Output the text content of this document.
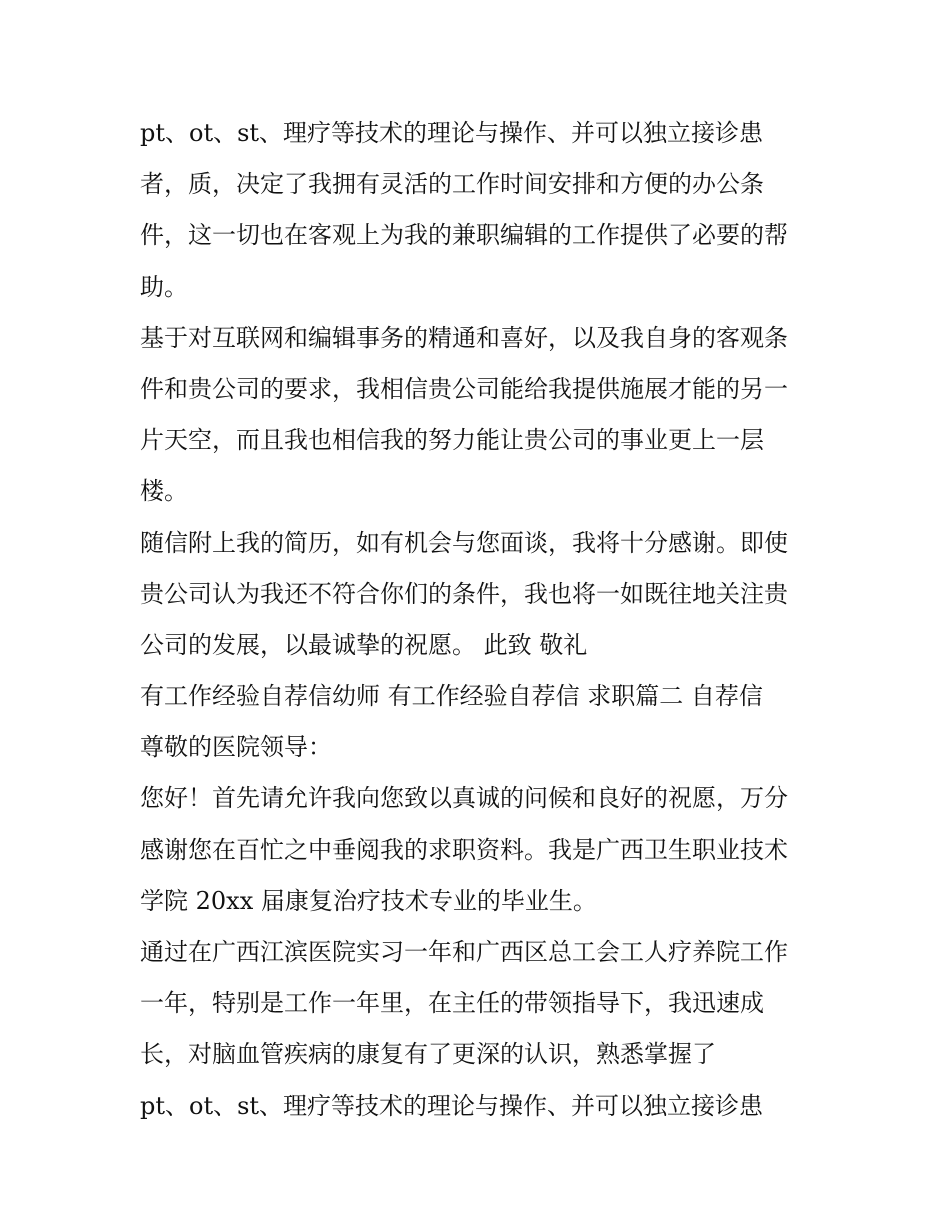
pt、ot、st、理疗等技术的理论与操作、并可以独立接诊患
者，质，决定了我拥有灵活的工作时间安排和方便的办公条
件，这一切也在客观上为我的兼职编辑的工作提供了必要的帮
助。
基于对互联网和编辑事务的精通和喜好，以及我自身的客观条
件和贵公司的要求，我相信贵公司能给我提供施展才能的另一
片天空，而且我也相信我的努力能让贵公司的事业更上一层
楼。
随信附上我的简历，如有机会与您面谈，我将十分感谢。即使
贵公司认为我还不符合你们的条件，我也将一如既往地关注贵
公司的发展，以最诚挚的祝愿。 此致 敬礼
有工作经验自荐信幼师 有工作经验自荐信 求职篇二 自荐信
尊敬的医院领导：
您好！首先请允许我向您致以真诚的问候和良好的祝愿，万分
感谢您在百忙之中垂阅我的求职资料。我是广西卫生职业技术
学院 20xx 届康复治疗技术专业的毕业生。
通过在广西江滨医院实习一年和广西区总工会工人疗养院工作
一年，特别是工作一年里，在主任的带领指导下，我迅速成
长，对脑血管疾病的康复有了更深的认识，熟悉掌握了
pt、ot、st、理疗等技术的理论与操作、并可以独立接诊患
